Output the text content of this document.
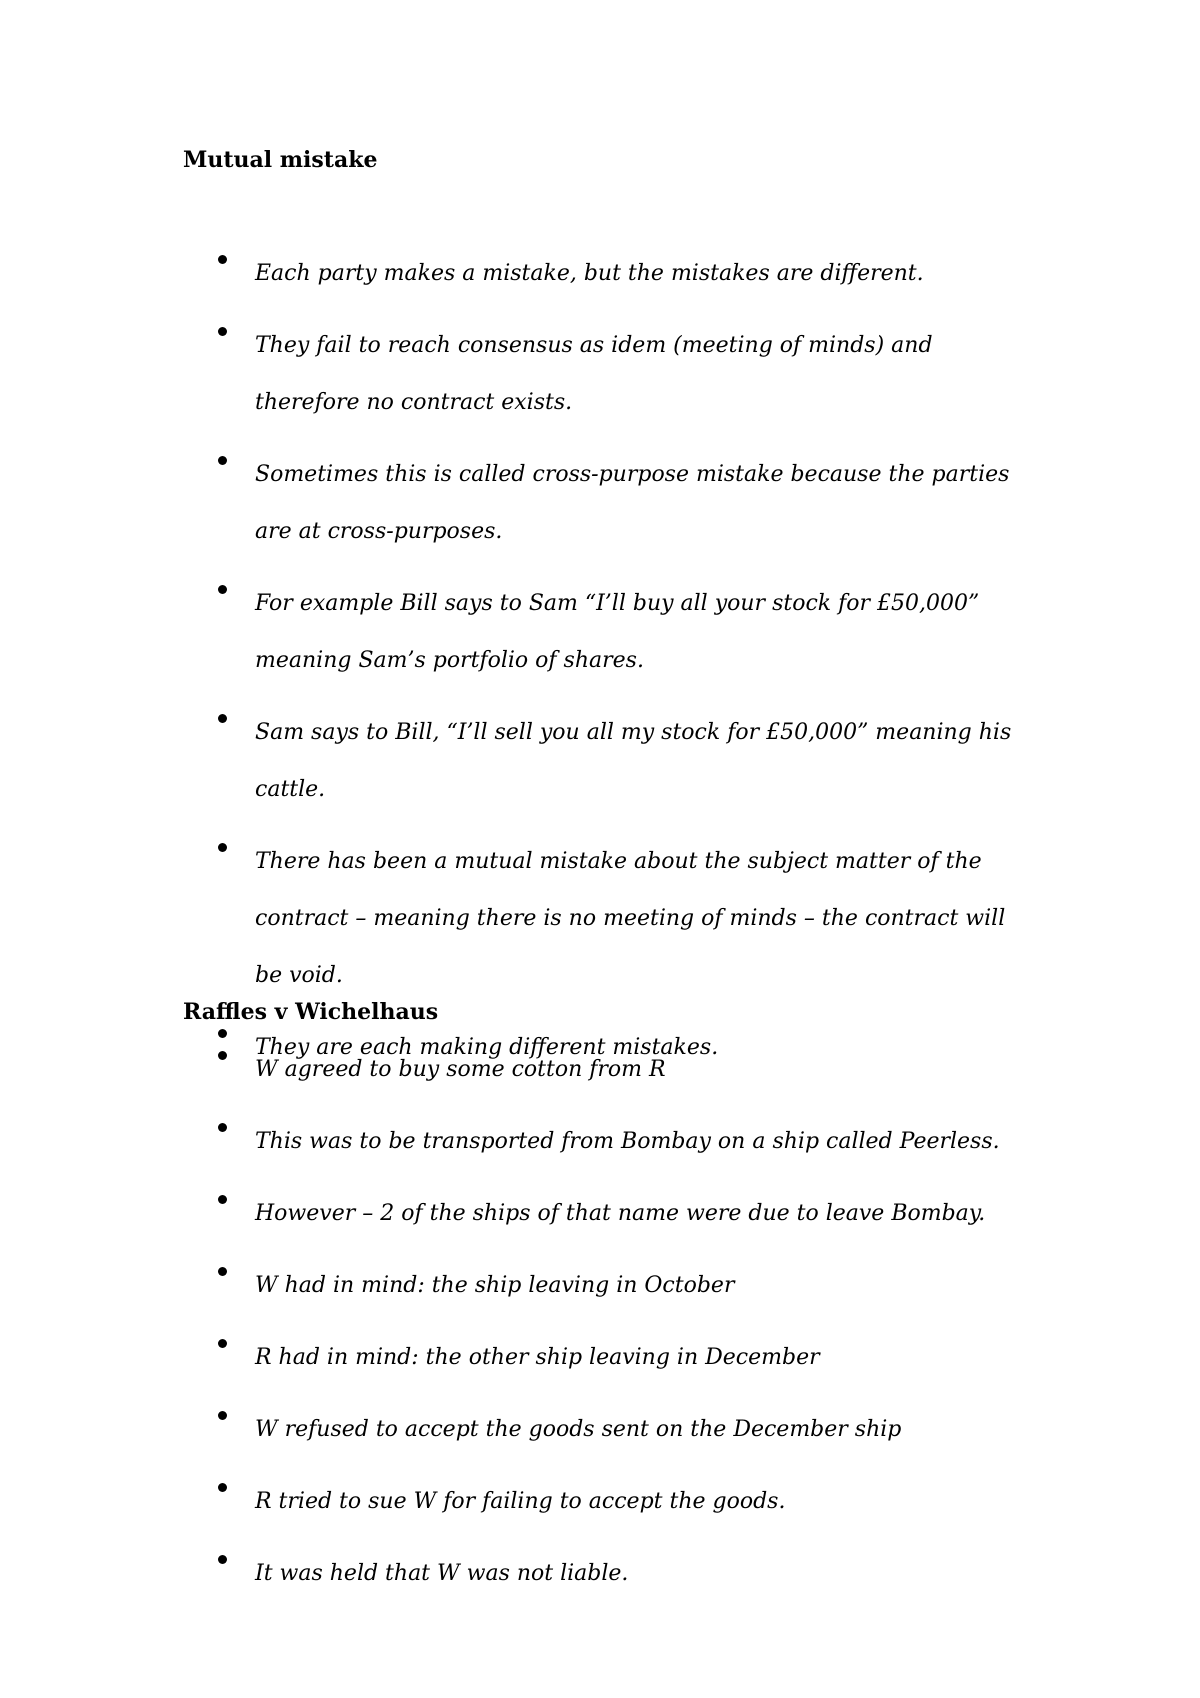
Mutual mistake
Each party makes a mistake, but the mistakes are different.
They fail to reach consensus as idem (meeting of minds) and therefore no contract exists.
Sometimes this is called cross-purpose mistake because the parties are at cross-purposes.
For example Bill says to Sam “I’ll buy all your stock for £50,000” meaning Sam’s portfolio of shares.
Sam says to Bill, “I’ll sell you all my stock for £50,000” meaning his cattle.
There has been a mutual mistake about the subject matter of the contract – meaning there is no meeting of minds – the contract will be void.
They are each making different mistakes.
Raffles v Wichelhaus
W agreed to buy some cotton from R
This was to be transported from Bombay on a ship called Peerless.
However – 2 of the ships of that name were due to leave Bombay.
W had in mind: the ship leaving in October
R had in mind: the other ship leaving in December
W refused to accept the goods sent on the December ship
R tried to sue W for failing to accept the goods.
It was held that W was not liable.
